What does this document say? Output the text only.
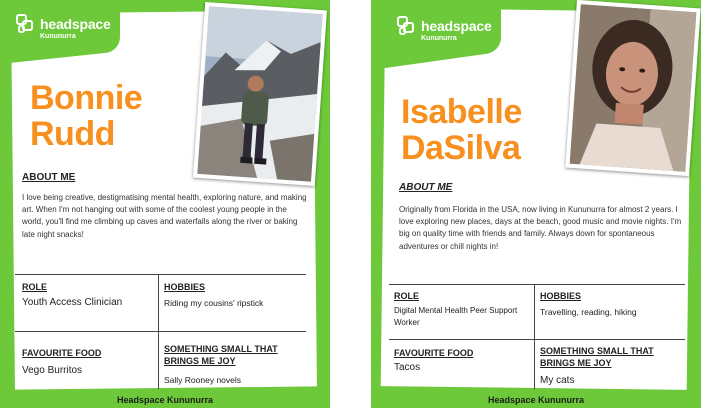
headspace
Kununurra
Bonnie
Rudd
ABOUT ME
I love being creative, destigmatising mental health, exploring nature, and making art. When I'm not hanging out with some of the coolest young people in the world, you'll find me climbing up caves and waterfalls along the river or baking late night snacks!
ROLE
Youth Access Clinician
HOBBIES
Riding my cousins' ripstick
FAVOURITE FOOD
Vego Burritos
SOMETHING SMALL THAT BRINGS ME JOY
Sally Rooney novels
Headspace Kununurra
headspace
Kununurra
Isabelle
DaSilva
ABOUT ME
Originally from Florida in the USA, now living in Kununurra for almost 2 years. I love exploring new places, days at the beach, good music and movie nights. I'm big on quality time with friends and family. Always down for spontaneous adventures or chill nights in!
ROLE
Digital Mental Health Peer Support Worker
HOBBIES
Travelling, reading, hiking
FAVOURITE FOOD
Tacos
SOMETHING SMALL THAT BRINGS ME JOY
My cats
Headspace Kununurra
